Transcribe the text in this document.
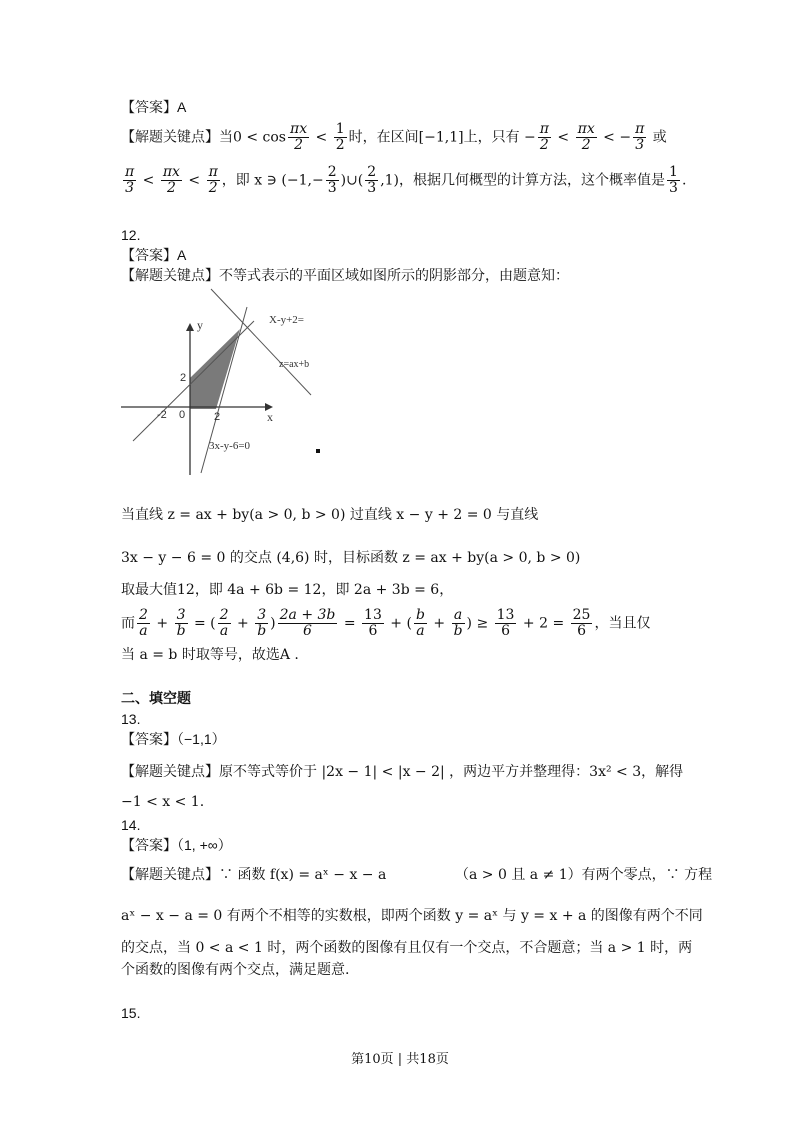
【答案】A
【解题关键点】当$0 < \cos \frac{\pi x}{2} < \frac{1}{2}$ 时，在区间[−1,1]上，只有 − $\frac{\pi}{2} < \frac{\pi x}{2}$ < − $\frac{\pi}{3}$ 或
$\frac{\pi}{3} < \frac{\pi x}{2} < \frac{\pi}{2}$ ，即 x ∋ ($-1,- \frac{2}{3}$ )∪( $\frac{2}{3} ,1$)，根据几何概型的计算方法，这个概率值是 $\frac{1}{3}$ .
12.
【答案】A
【解题关键点】不等式表示的平面区域如图所示的阴影部分，由题意知：
y
x
0
-2	2
2
X-y+2=
z=ax+b
3x-y-6=0
当直线 z = ax + by(a > 0, b > 0) 过直线 x − y + 2 = 0 与直线
3x − y − 6 = 0 的交点 (4,6) 时，目标函数 z = ax + by(a > 0, b > 0)
取最大值12，即 4a + 6b = 12，即 2a + 3b = 6，
而 $\frac{2}{a} + \frac{3}{b}$ = ( $\frac{2}{a} + \frac{3}{b}$ ) $\frac{2a + 3b}{6} = \frac{13}{6}$ + ( $\frac{b}{a} + \frac{a}{b}$ ) ≥ $\frac{13}{6} + 2 = \frac{25}{6}$ ，当且仅
当 a = b 时取等号，故选A .
二、填空题
13.
【答案】（−1,1）
【解题关键点】原不等式等价于 |2x − 1| < |x − 2| ，两边平方并整理得：3x² < 3，解得
−1 < x < 1.
14.
【答案】（1, +∞）
【解题关键点】∵ 函数 f(x) = aˣ − x − a	（a > 0 且 a ≠ 1）有两个零点，∵ 方程
aˣ − x − a = 0 有两个不相等的实数根，即两个函数 y = aˣ 与 y = x + a 的图像有两个不同
的交点，当 0 < a < 1 时，两个函数的图像有且仅有一个交点，不合题意；当 a > 1 时，两
个函数的图像有两个交点，满足题意.
15.
第10页 | 共18页
